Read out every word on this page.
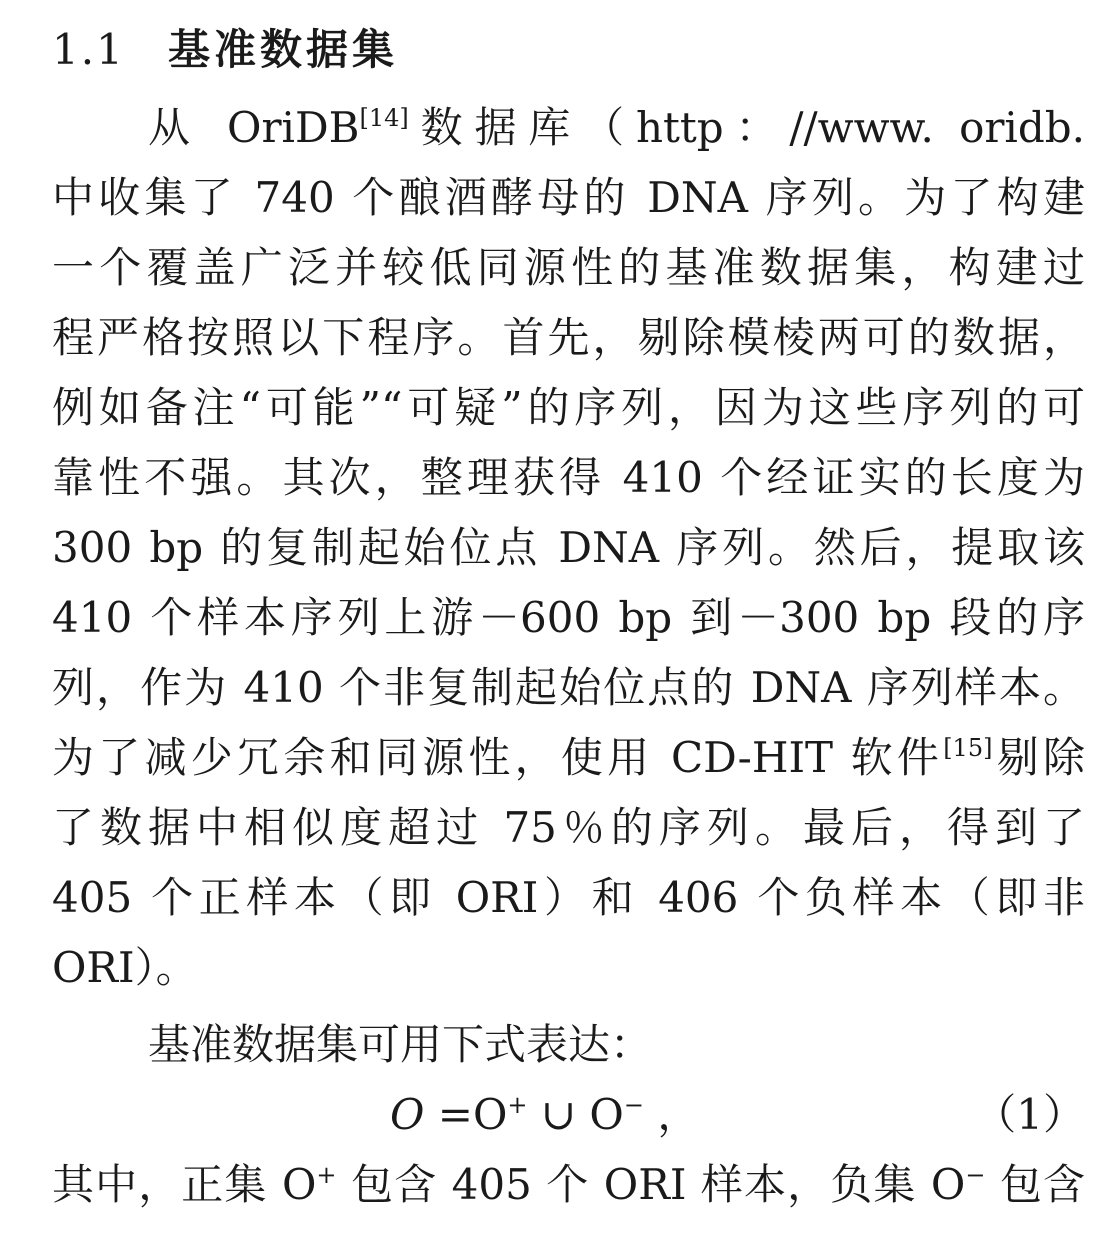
1.1 基准数据集
从 OriDB[14]数据库（http：//www. oridb.
中收集了 740 个酿酒酵母的 DNA 序列。为了构建
一个覆盖广泛并较低同源性的基准数据集，构建过
程严格按照以下程序。首先，剔除模棱两可的数据，
例如备注“可能”“可疑”的序列，因为这些序列的可
靠性不强。其次，整理获得 410 个经证实的长度为
300 bp 的复制起始位点 DNA 序列。然后，提取该
410 个样本序列上游－600 bp 到－300 bp 段的序
列，作为 410 个非复制起始位点的 DNA 序列样本。
为了减少冗余和同源性，使用 CD-HIT 软件[15]剔除
了数据中相似度超过 75％的序列。最后，得到了
405 个正样本（即 ORI）和 406 个负样本（即非
ORI）。
基准数据集可用下式表达：
O =O+ ∪ O− ，	（1）
其中，正集 O+ 包含 405 个 ORI 样本，负集 O− 包含
